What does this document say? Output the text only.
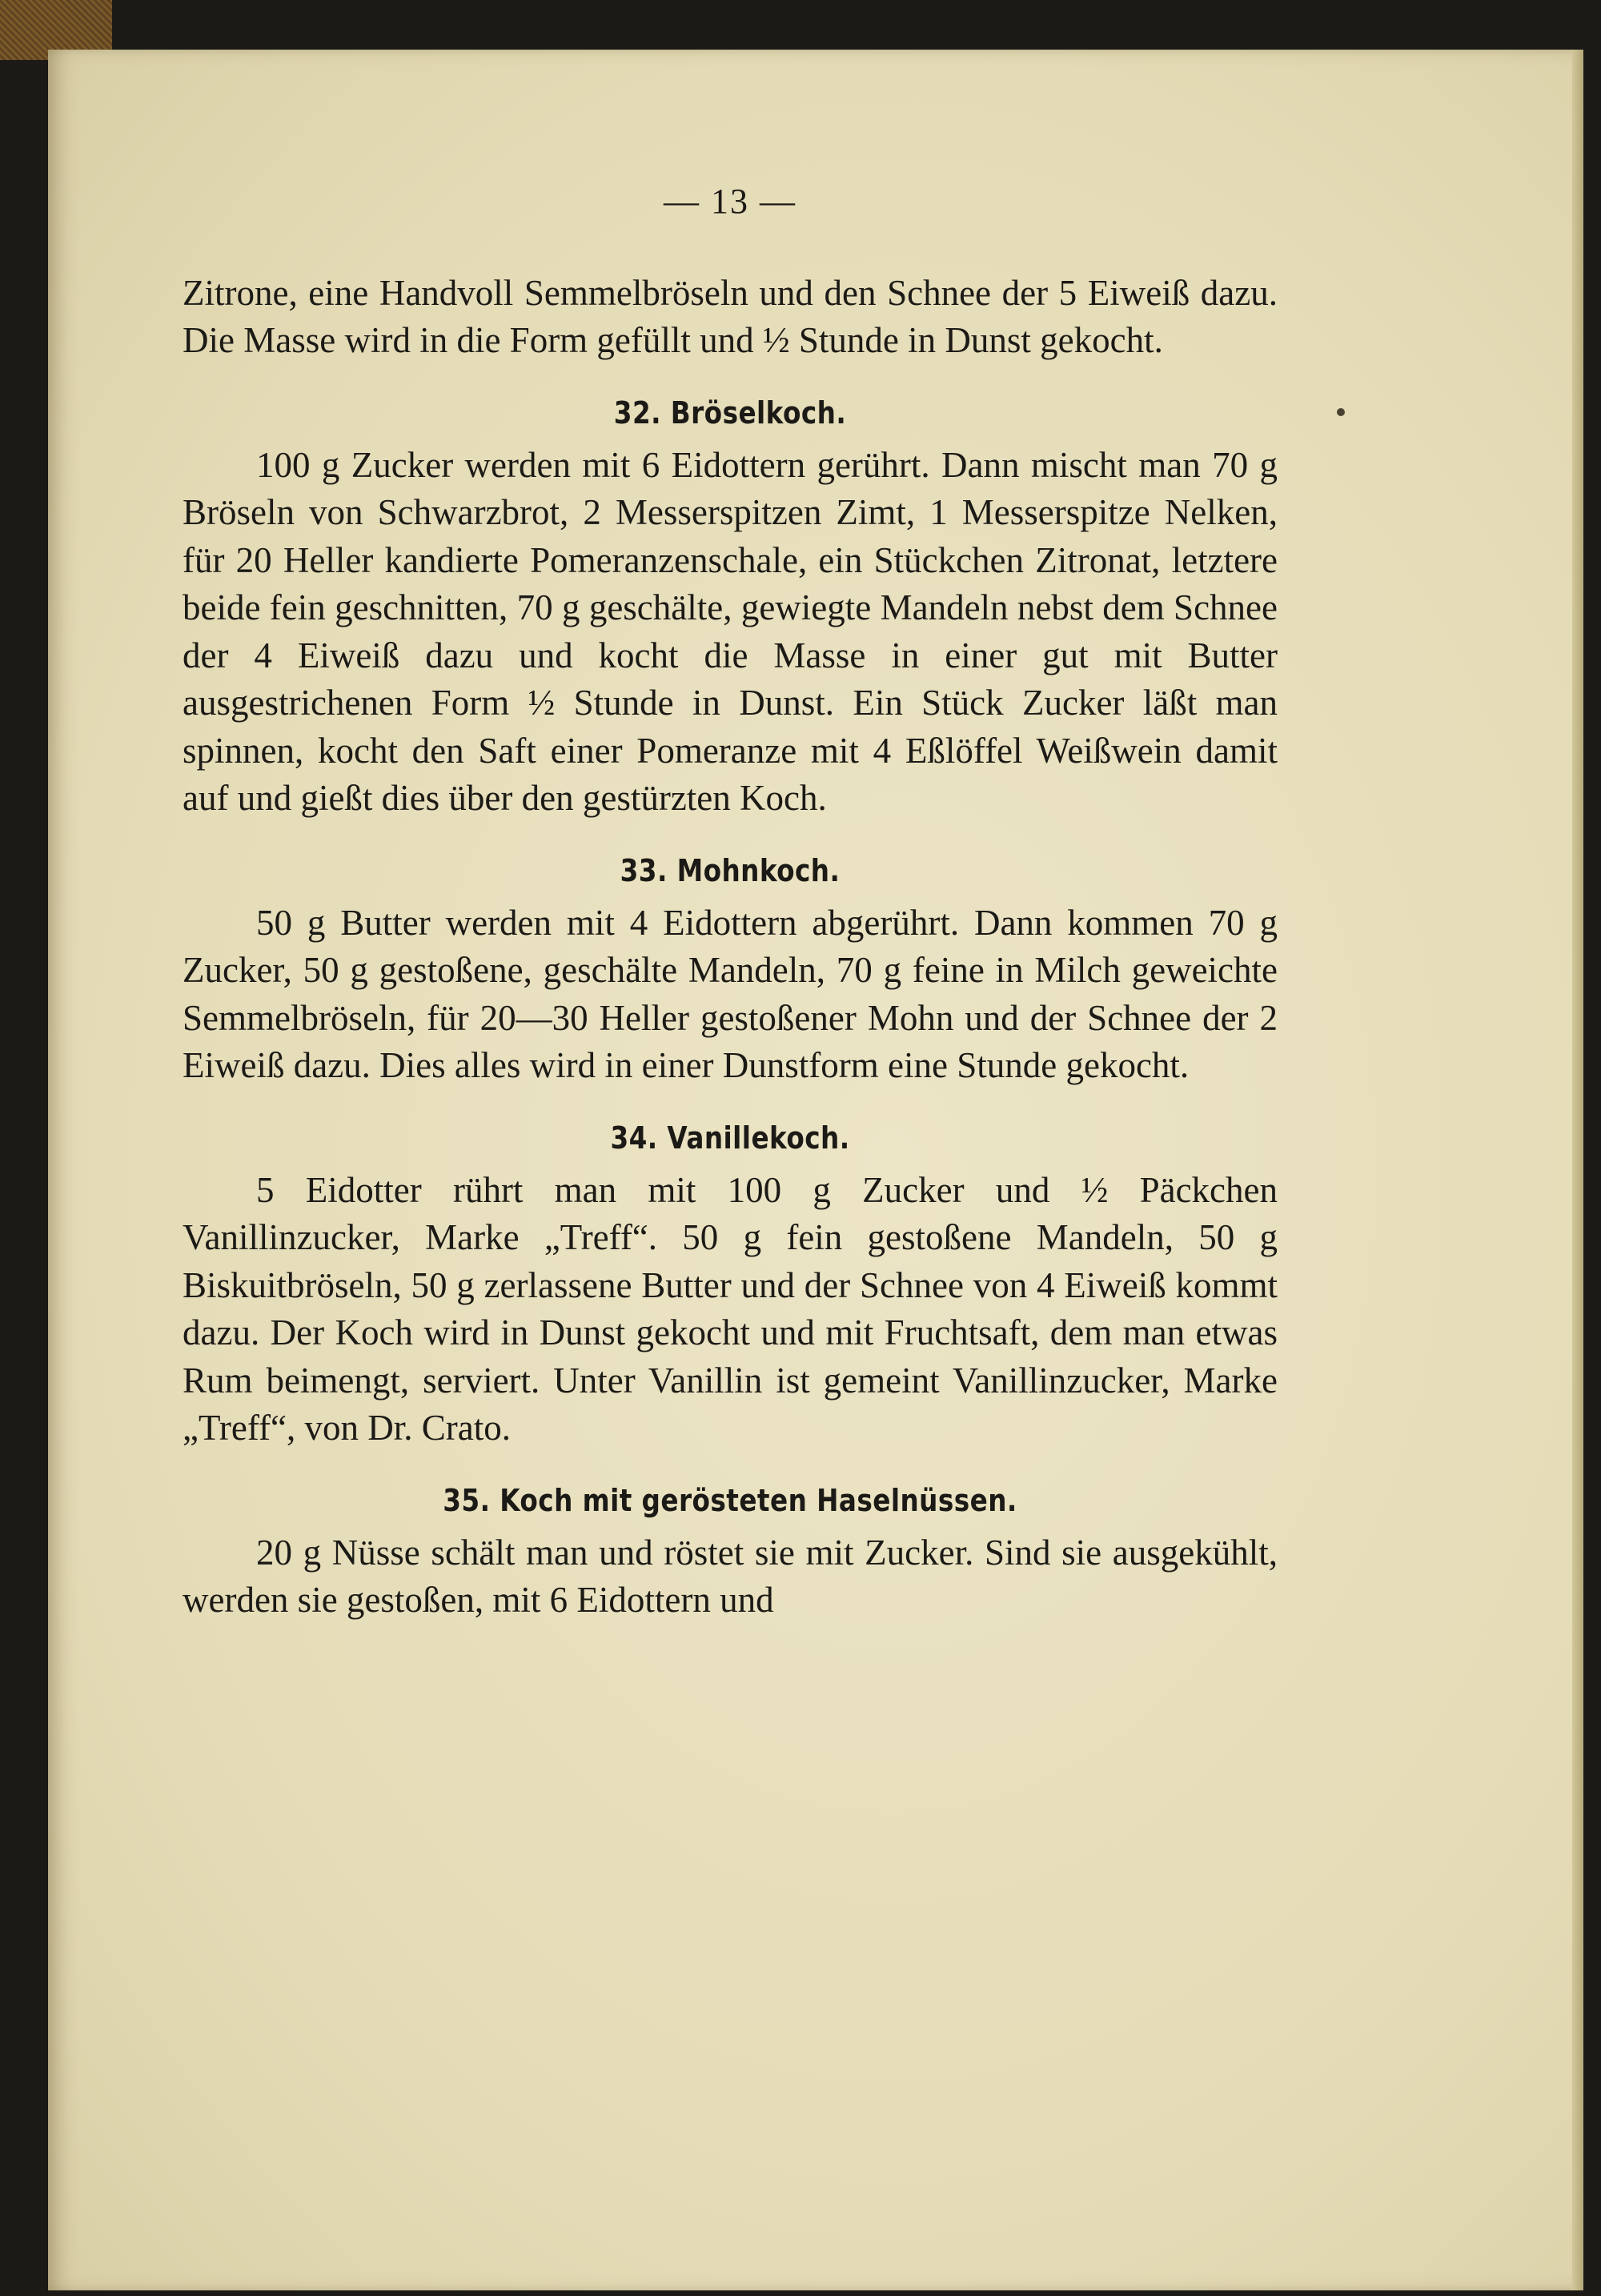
— 13 —

Zitrone, eine Handvoll Semmelbröseln und den Schnee der 5 Eiweiß dazu. Die Masse wird in die Form gefüllt und ½ Stunde in Dunst gekocht.

32. Bröselkoch.

100 g Zucker werden mit 6 Eidottern gerührt. Dann mischt man 70 g Bröseln von Schwarzbrot, 2 Messerspitzen Zimt, 1 Messerspitze Nelken, für 20 Heller kandierte Pomeranzenschale, ein Stückchen Zitronat, letztere beide fein geschnitten, 70 g geschälte, gewiegte Mandeln nebst dem Schnee der 4 Eiweiß dazu und kocht die Masse in einer gut mit Butter ausgestrichenen Form ½ Stunde in Dunst. Ein Stück Zucker läßt man spinnen, kocht den Saft einer Pomeranze mit 4 Eßlöffel Weißwein damit auf und gießt dies über den gestürzten Koch.

33. Mohnkoch.

50 g Butter werden mit 4 Eidottern abgerührt. Dann kommen 70 g Zucker, 50 g gestoßene, geschälte Mandeln, 70 g feine in Milch geweichte Semmelbröseln, für 20—30 Heller gestoßener Mohn und der Schnee der 2 Eiweiß dazu. Dies alles wird in einer Dunstform eine Stunde gekocht.

34. Vanillekoch.

5 Eidotter rührt man mit 100 g Zucker und ½ Päckchen Vanillinzucker, Marke „Treff“. 50 g fein gestoßene Mandeln, 50 g Biskuitbröseln, 50 g zerlassene Butter und der Schnee von 4 Eiweiß kommt dazu. Der Koch wird in Dunst gekocht und mit Fruchtsaft, dem man etwas Rum beimengt, serviert. Unter Vanillin ist gemeint Vanillinzucker, Marke „Treff“, von Dr. Crato.

35. Koch mit gerösteten Haselnüssen.

20 g Nüsse schält man und röstet sie mit Zucker. Sind sie ausgekühlt, werden sie gestoßen, mit 6 Eidottern und
